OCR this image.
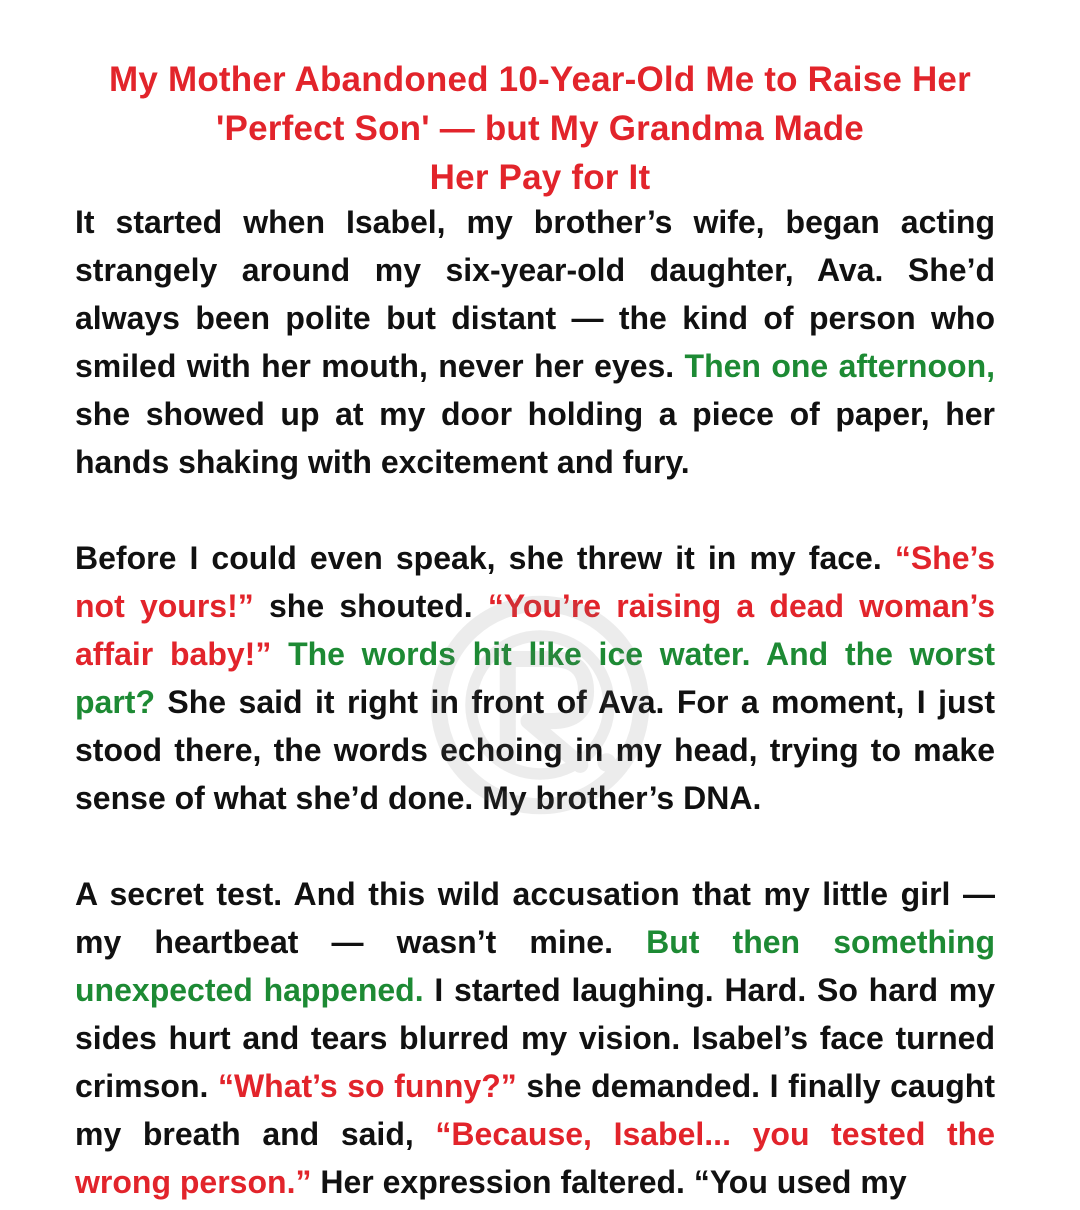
My Mother Abandoned 10-Year-Old Me to Raise Her
'Perfect Son' — but My Grandma Made
Her Pay for It

It started when Isabel, my brother’s wife, began acting strangely around my six-year-old daughter, Ava. She’d always been polite but distant — the kind of person who smiled with her mouth, never her eyes. Then one afternoon, she showed up at my door holding a piece of paper, her hands shaking with excitement and fury.

Before I could even speak, she threw it in my face. “She’s not yours!” she shouted. “You’re raising a dead woman’s affair baby!” The words hit like ice water. And the worst part? She said it right in front of Ava. For a moment, I just stood there, the words echoing in my head, trying to make sense of what she’d done. My brother’s DNA.

A secret test. And this wild accusation that my little girl — my heartbeat — wasn’t mine. But then something unexpected happened. I started laughing. Hard. So hard my sides hurt and tears blurred my vision. Isabel’s face turned crimson. “What’s so funny?” she demanded. I finally caught my breath and said, “Because, Isabel... you tested the wrong person.” Her expression faltered. “You used my
